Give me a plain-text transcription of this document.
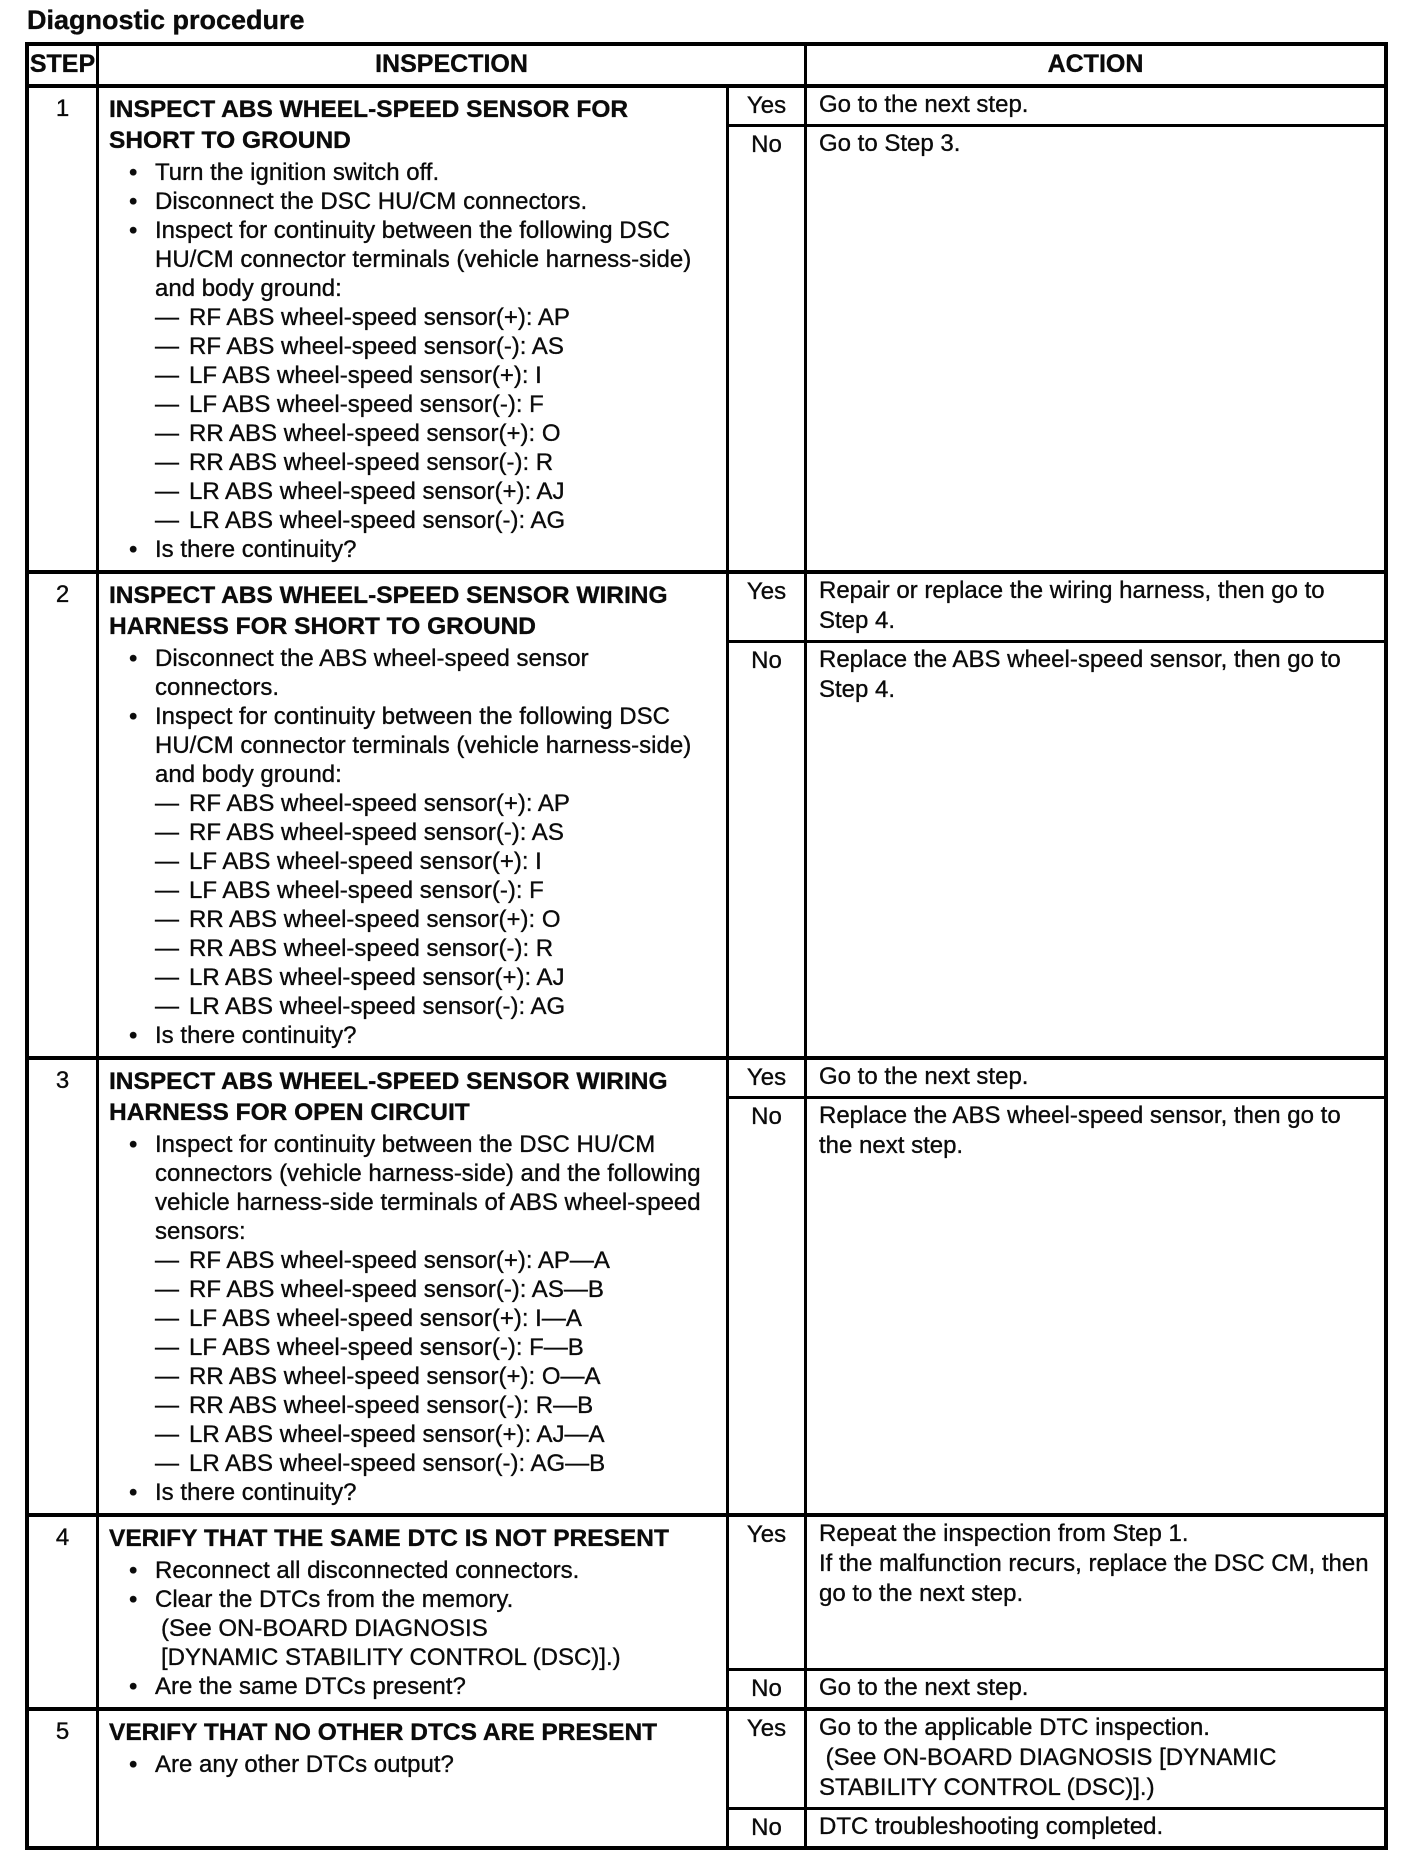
Diagnostic procedure
STEP	INSPECTION	ACTION
1	INSPECT ABS WHEEL-SPEED SENSOR FOR SHORT TO GROUND
• Turn the ignition switch off.
• Disconnect the DSC HU/CM connectors.
• Inspect for continuity between the following DSC HU/CM connector terminals (vehicle harness-side) and body ground:
— RF ABS wheel-speed sensor(+): AP
— RF ABS wheel-speed sensor(-): AS
— LF ABS wheel-speed sensor(+): I
— LF ABS wheel-speed sensor(-): F
— RR ABS wheel-speed sensor(+): O
— RR ABS wheel-speed sensor(-): R
— LR ABS wheel-speed sensor(+): AJ
— LR ABS wheel-speed sensor(-): AG
• Is there continuity?
Yes	Go to the next step.
No	Go to Step 3.
2	INSPECT ABS WHEEL-SPEED SENSOR WIRING HARNESS FOR SHORT TO GROUND
• Disconnect the ABS wheel-speed sensor connectors.
• Inspect for continuity between the following DSC HU/CM connector terminals (vehicle harness-side) and body ground:
— RF ABS wheel-speed sensor(+): AP
— RF ABS wheel-speed sensor(-): AS
— LF ABS wheel-speed sensor(+): I
— LF ABS wheel-speed sensor(-): F
— RR ABS wheel-speed sensor(+): O
— RR ABS wheel-speed sensor(-): R
— LR ABS wheel-speed sensor(+): AJ
— LR ABS wheel-speed sensor(-): AG
• Is there continuity?
Yes	Repair or replace the wiring harness, then go to Step 4.
No	Replace the ABS wheel-speed sensor, then go to Step 4.
3	INSPECT ABS WHEEL-SPEED SENSOR WIRING HARNESS FOR OPEN CIRCUIT
• Inspect for continuity between the DSC HU/CM connectors (vehicle harness-side) and the following vehicle harness-side terminals of ABS wheel-speed sensors:
— RF ABS wheel-speed sensor(+): AP—A
— RF ABS wheel-speed sensor(-): AS—B
— LF ABS wheel-speed sensor(+): I—A
— LF ABS wheel-speed sensor(-): F—B
— RR ABS wheel-speed sensor(+): O—A
— RR ABS wheel-speed sensor(-): R—B
— LR ABS wheel-speed sensor(+): AJ—A
— LR ABS wheel-speed sensor(-): AG—B
• Is there continuity?
Yes	Go to the next step.
No	Replace the ABS wheel-speed sensor, then go to the next step.
4	VERIFY THAT THE SAME DTC IS NOT PRESENT
• Reconnect all disconnected connectors.
• Clear the DTCs from the memory.
(See ON-BOARD DIAGNOSIS
[DYNAMIC STABILITY CONTROL (DSC)].)
• Are the same DTCs present?
Yes	Repeat the inspection from Step 1.
If the malfunction recurs, replace the DSC CM, then go to the next step.
No	Go to the next step.
5	VERIFY THAT NO OTHER DTCS ARE PRESENT
• Are any other DTCs output?
Yes	Go to the applicable DTC inspection.
(See ON-BOARD DIAGNOSIS [DYNAMIC STABILITY CONTROL (DSC)].)
No	DTC troubleshooting completed.
